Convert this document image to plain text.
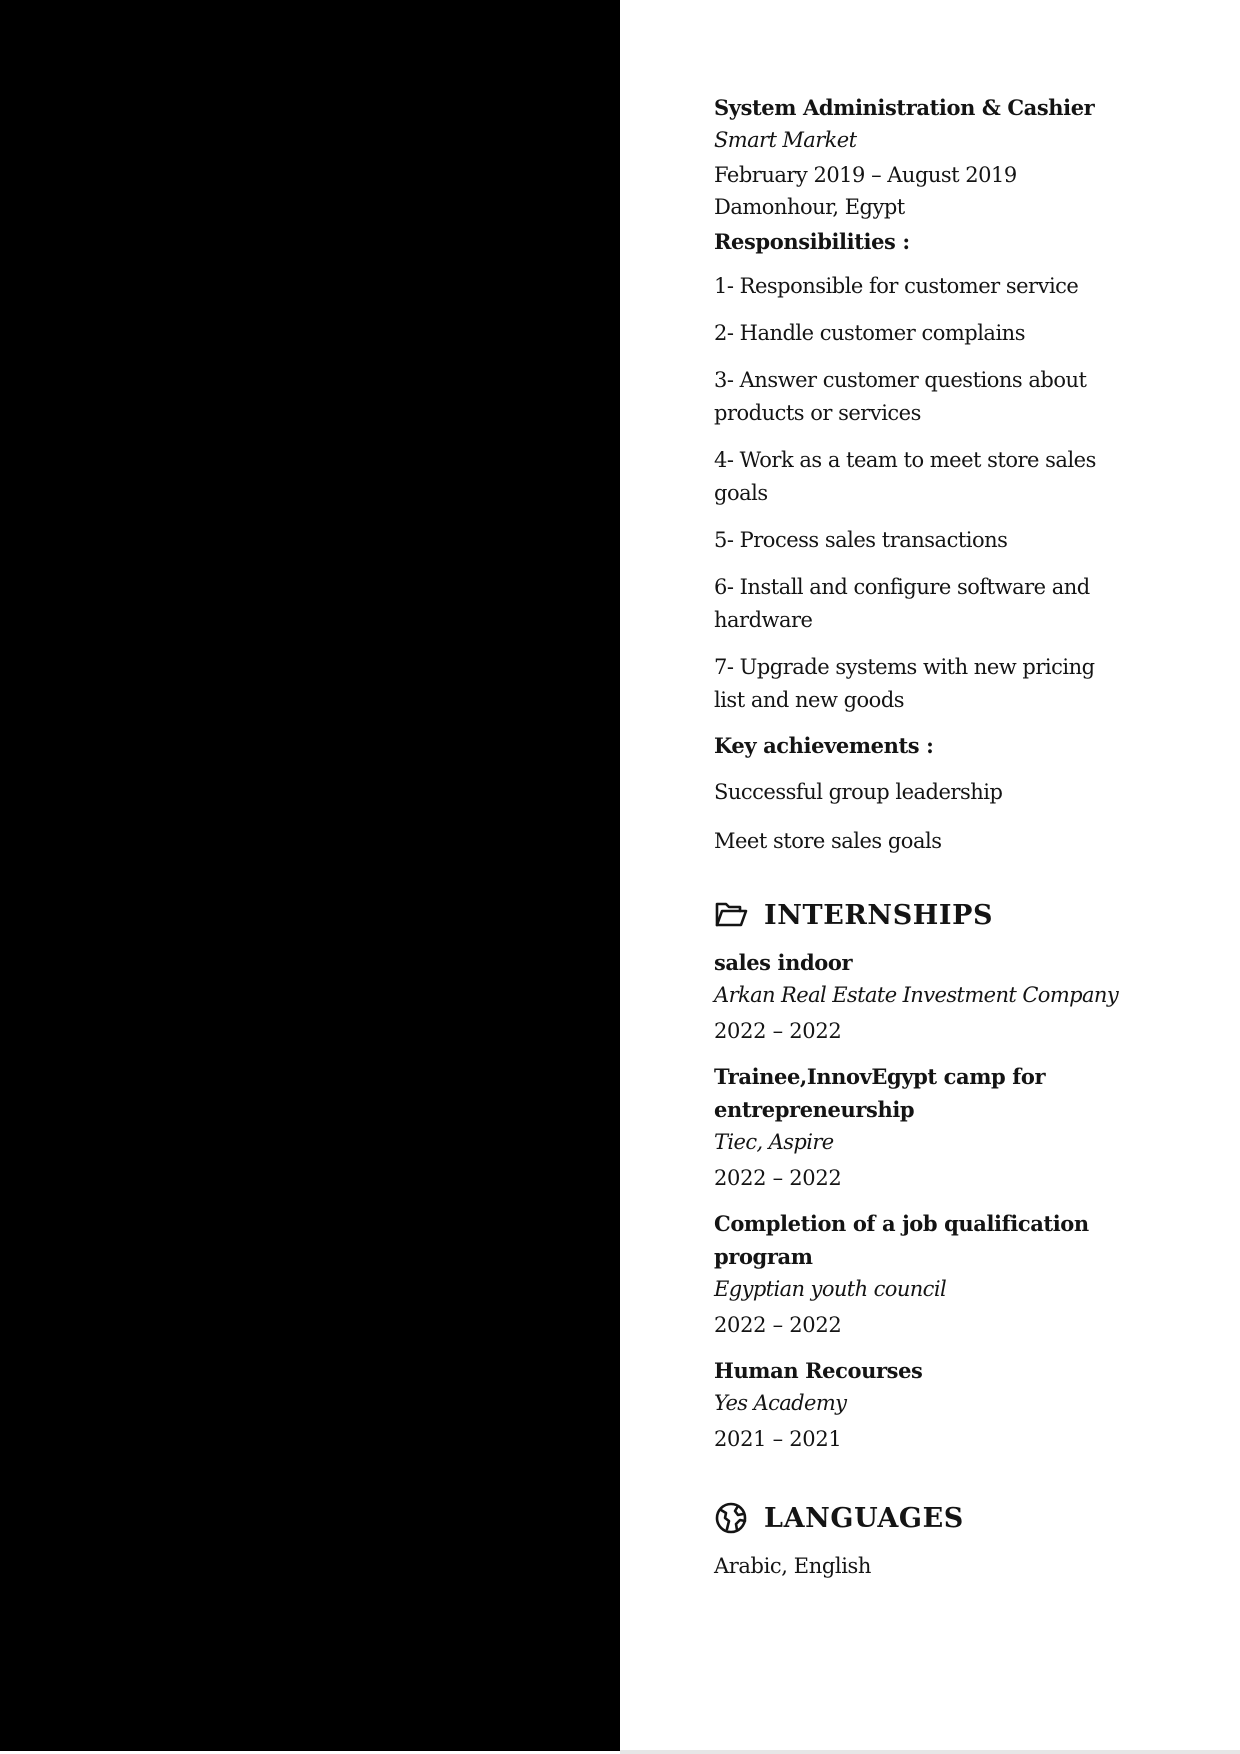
System Administration & Cashier
Smart Market
February 2019 – August 2019
Damonhour, Egypt
Responsibilities :
1- Responsible for customer service
2- Handle customer complains
3- Answer customer questions about products or services
4- Work as a team to meet store sales goals
5- Process sales transactions
6- Install and configure software and hardware
7- Upgrade systems with new pricing list and new goods
Key achievements :
Successful group leadership
Meet store sales goals
INTERNSHIPS
sales indoor
Arkan Real Estate Investment Company
2022 – 2022
Trainee,InnovEgypt camp for entrepreneurship
Tiec, Aspire
2022 – 2022
Completion of a job qualification program
Egyptian youth council
2022 – 2022
Human Recourses
Yes Academy
2021 – 2021
LANGUAGES
Arabic, English
